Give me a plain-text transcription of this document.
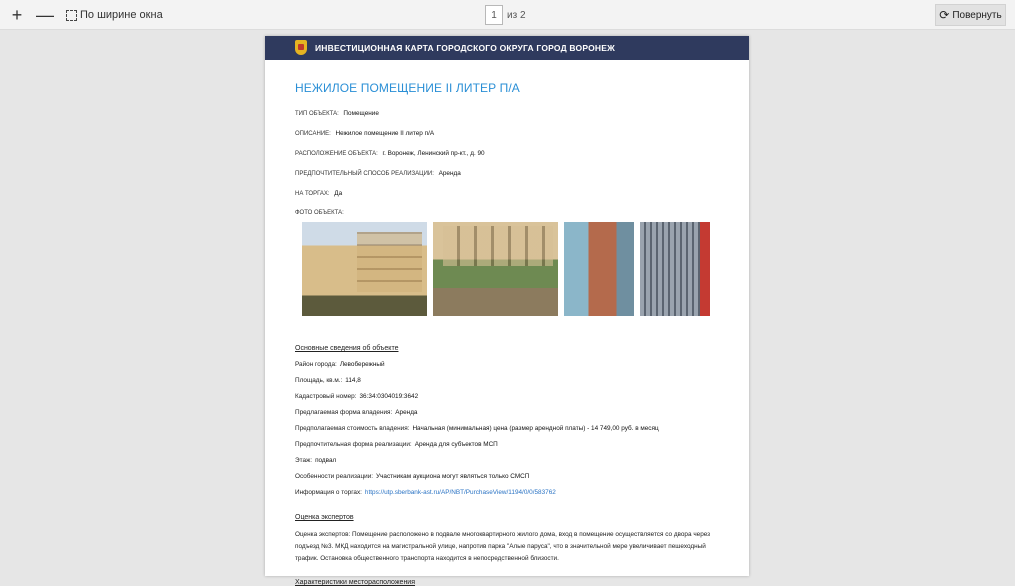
+ — По ширине окна	1	из 2	⟳ Повернуть
ИНВЕСТИЦИОННАЯ КАРТА ГОРОДСКОГО ОКРУГА ГОРОД ВОРОНЕЖ
НЕЖИЛОЕ ПОМЕЩЕНИЕ II ЛИТЕР П/А
ТИП ОБЪЕКТА: Помещение
ОПИСАНИЕ: Нежилое помещение II литер п/А
РАСПОЛОЖЕНИЕ ОБЪЕКТА: г. Воронеж, Ленинский пр-кт., д. 90
ПРЕДПОЧТИТЕЛЬНЫЙ СПОСОБ РЕАЛИЗАЦИИ: Аренда
НА ТОРГАХ: Да
ФОТО ОБЪЕКТА:
Основные сведения об объекте
Район города: Левобережный
Площадь, кв.м.: 114,8
Кадастровый номер: 36:34:0304019:3642
Предлагаемая форма владения: Аренда
Предполагаемая стоимость владения: Начальная (минимальная) цена (размер арендной платы) - 14 749,00 руб. в месяц
Предпочтительная форма реализации: Аренда для субъектов МСП
Этаж: подвал
Особенности реализации: Участникам аукциона могут являться только СМСП
Информация о торгах: https://utp.sberbank-ast.ru/AP/NBT/PurchaseView/1194/0/0/583762
Оценка экспертов
Оценка экспертов: Помещение расположено в подвале многоквартирного жилого дома, вход в помещение осуществляется со двора через подъезд №3. МКД находится на магистральной улице, напротив парка "Алые паруса", что в значительной мере увеличивает пешеходный трафик. Остановка общественного транспорта находится в непосредственной близости.
Характеристики месторасположения
